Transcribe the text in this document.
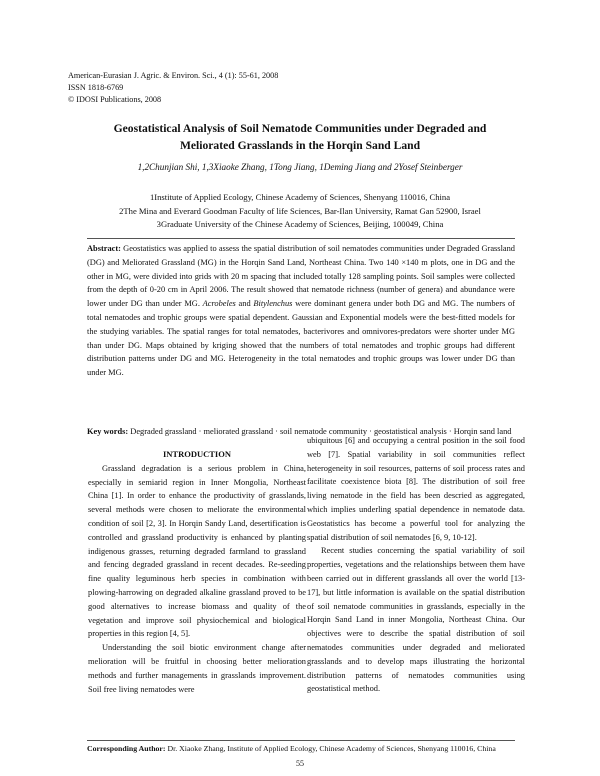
American-Eurasian J. Agric. & Environ. Sci., 4 (1): 55-61, 2008
ISSN 1818-6769
© IDOSI Publications, 2008
Geostatistical Analysis of Soil Nematode Communities under Degraded and
Meliorated Grasslands in the Horqin Sand Land
1,2Chunjian Shi, 1,3Xiaoke Zhang, 1Tong Jiang, 1Deming Jiang and 2Yosef Steinberger
1Institute of Applied Ecology, Chinese Academy of Sciences, Shenyang 110016, China
2The Mina and Everard Goodman Faculty of life Sciences, Bar-Ilan University, Ramat Gan 52900, Israel
3Graduate University of the Chinese Academy of Sciences, Beijing, 100049, China
Abstract: Geostatistics was applied to assess the spatial distribution of soil nematodes communities under Degraded Grassland (DG) and Meliorated Grassland (MG) in the Horqin Sand Land, Northeast China. Two 140 ×140 m plots, one in DG and the other in MG, were divided into grids with 20 m spacing that included totally 128 sampling points. Soil samples were collected from the depth of 0-20 cm in April 2006. The result showed that nematode richness (number of genera) and abundance were lower under DG than under MG. Acrobeles and Bitylenchus were dominant genera under both DG and MG. The numbers of total nematodes and trophic groups were spatial dependent. Gaussian and Exponential models were the best-fitted models for the studying variables. The spatial ranges for total nematodes, bacterivores and omnivores-predators were shorter under MG than under DG. Maps obtained by kriging showed that the numbers of total nematodes and trophic groups had different distribution patterns under DG and MG. Heterogeneity in the total nematodes and trophic groups was lower under DG than under MG.
Key words: Degraded grassland · meliorated grassland · soil nematode community · geostatistical analysis · Horqin sand land

INTRODUCTION

Grassland degradation is a serious problem in China, especially in semiarid region in Inner Mongolia, Northeast China [1]. In order to enhance the productivity of grasslands, several methods were chosen to meliorate the environmental condition of soil [2, 3]. In Horqin Sandy Land, desertification is controlled and grassland productivity is enhanced by planting indigenous grasses, returning degraded farmland to grassland and fencing degraded grassland in recent decades. Re-seeding fine quality leguminous herb species in combination with plowing-harrowing on degraded alkaline grassland proved to be good alternatives to increase biomass and quality of the vegetation and improve soil physiochemical and biological properties in this region [4, 5].

Understanding the soil biotic environment change after melioration will be fruitful in choosing better melioration methods and further managements in grasslands improvement. Soil free living nematodes were

ubiquitous [6] and occupying a central position in the soil food web [7]. Spatial variability in soil communities reflect heterogeneity in soil resources, patterns of soil process rates and facilitate coexistence biota [8]. The distribution of soil free living nematode in the field has been descried as aggregated, which implies underling spatial dependence in nematode data. Geostatistics has become a powerful tool for analyzing the spatial distribution of soil nematodes [6, 9, 10-12].

Recent studies concerning the spatial variability of soil properties, vegetations and the relationships between them have been carried out in different grasslands all over the world [13-17], but little information is available on the spatial distribution of soil nematode communities in grasslands, especially in the Horqin Sand Land in inner Mongolia, Northeast China. Our objectives were to describe the spatial distribution of soil nematodes communities under degraded and meliorated grasslands and to develop maps illustrating the horizontal distribution patterns of nematodes communities using geostatistical method.

Corresponding Author: Dr. Xiaoke Zhang, Institute of Applied Ecology, Chinese Academy of Sciences, Shenyang 110016, China
55
